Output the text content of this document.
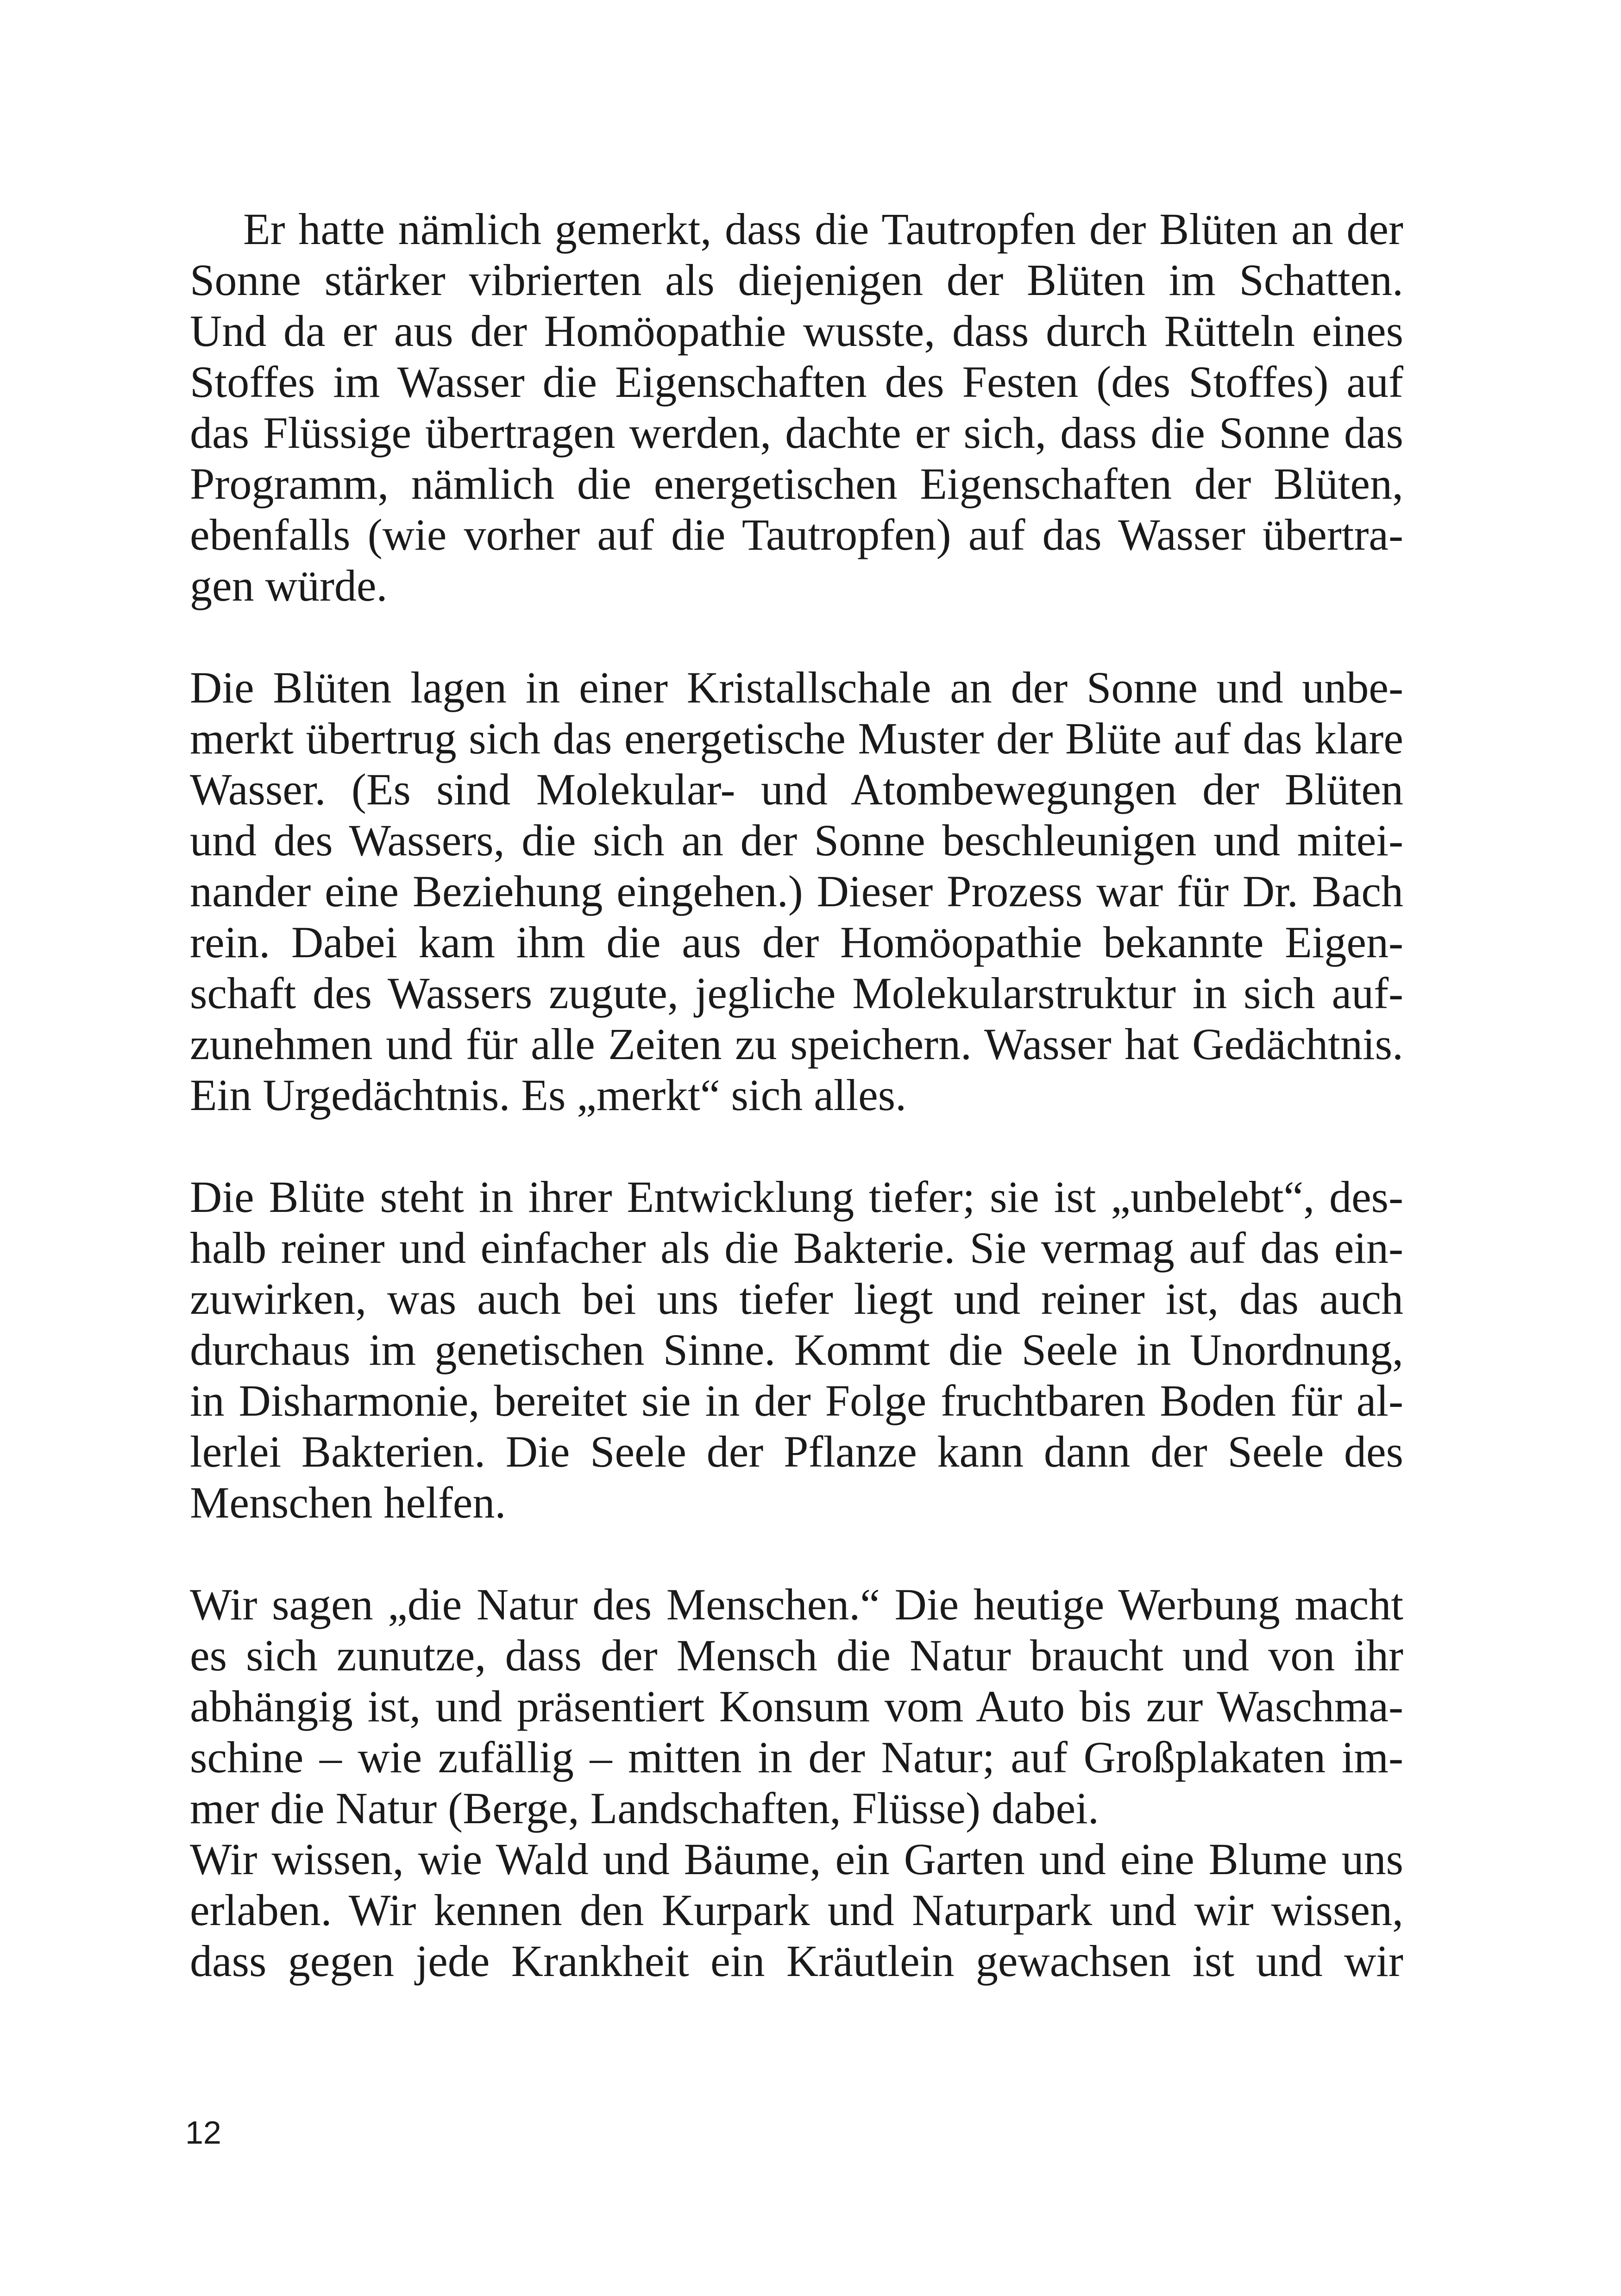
Er hatte nämlich gemerkt, dass die Tautropfen der Blüten an der
Sonne stärker vibrierten als diejenigen der Blüten im Schatten.
Und da er aus der Homöopathie wusste, dass durch Rütteln eines
Stoffes im Wasser die Eigenschaften des Festen (des Stoffes) auf
das Flüssige übertragen werden, dachte er sich, dass die Sonne das
Programm, nämlich die energetischen Eigenschaften der Blüten,
ebenfalls (wie vorher auf die Tautropfen) auf das Wasser übertra-
gen würde.
Die Blüten lagen in einer Kristallschale an der Sonne und unbe-
merkt übertrug sich das energetische Muster der Blüte auf das klare
Wasser. (Es sind Molekular- und Atombewegungen der Blüten
und des Wassers, die sich an der Sonne beschleunigen und mitei-
nander eine Beziehung eingehen.) Dieser Prozess war für Dr. Bach
rein. Dabei kam ihm die aus der Homöopathie bekannte Eigen-
schaft des Wassers zugute, jegliche Molekularstruktur in sich auf-
zunehmen und für alle Zeiten zu speichern. Wasser hat Gedächtnis.
Ein Urgedächtnis. Es „merkt“ sich alles.
Die Blüte steht in ihrer Entwicklung tiefer; sie ist „unbelebt“, des-
halb reiner und einfacher als die Bakterie. Sie vermag auf das ein-
zuwirken, was auch bei uns tiefer liegt und reiner ist, das auch
durchaus im genetischen Sinne. Kommt die Seele in Unordnung,
in Disharmonie, bereitet sie in der Folge fruchtbaren Boden für al-
lerlei Bakterien. Die Seele der Pflanze kann dann der Seele des
Menschen helfen.
Wir sagen „die Natur des Menschen.“ Die heutige Werbung macht
es sich zunutze, dass der Mensch die Natur braucht und von ihr
abhängig ist, und präsentiert Konsum vom Auto bis zur Waschma-
schine – wie zufällig – mitten in der Natur; auf Großplakaten im-
mer die Natur (Berge, Landschaften, Flüsse) dabei.
Wir wissen, wie Wald und Bäume, ein Garten und eine Blume uns
erlaben. Wir kennen den Kurpark und Naturpark und wir wissen,
dass gegen jede Krankheit ein Kräutlein gewachsen ist und wir
12
